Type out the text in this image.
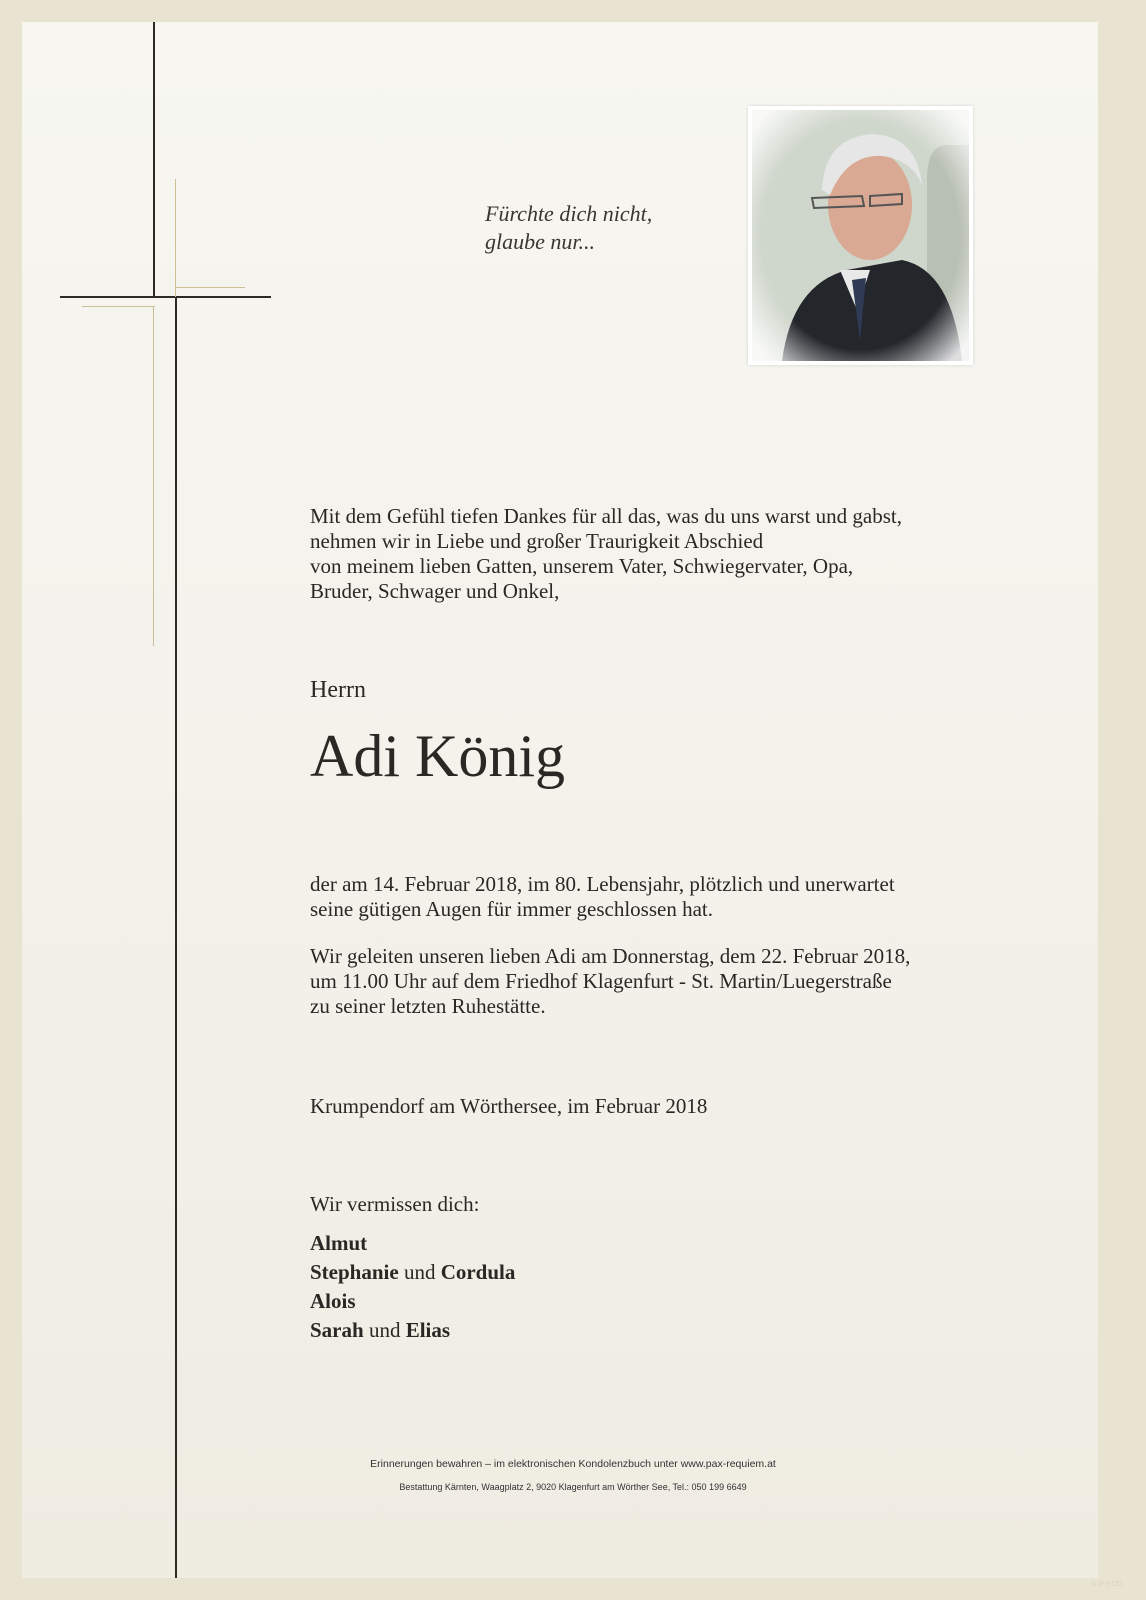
Fürchte dich nicht,
glaube nur...
Mit dem Gefühl tiefen Dankes für all das, was du uns warst und gabst,
nehmen wir in Liebe und großer Traurigkeit Abschied
von meinem lieben Gatten, unserem Vater, Schwiegervater, Opa,
Bruder, Schwager und Onkel,
Herrn
Adi König
der am 14. Februar 2018, im 80. Lebensjahr, plötzlich und unerwartet
seine gütigen Augen für immer geschlossen hat.
Wir geleiten unseren lieben Adi am Donnerstag, dem 22. Februar 2018,
um 11.00 Uhr auf dem Friedhof Klagenfurt - St. Martin/Luegerstraße
zu seiner letzten Ruhestätte.
Krumpendorf am Wörthersee, im Februar 2018
Wir vermissen dich:
Almut
Stephanie und Cordula
Alois
Sarah und Elias
Erinnerungen bewahren – im elektronischen Kondolenzbuch unter www.pax-requiem.at
Bestattung Kärnten, Waagplatz 2, 9020 Klagenfurt am Wörther See, Tel.: 050 199 6649
© IP 9120
